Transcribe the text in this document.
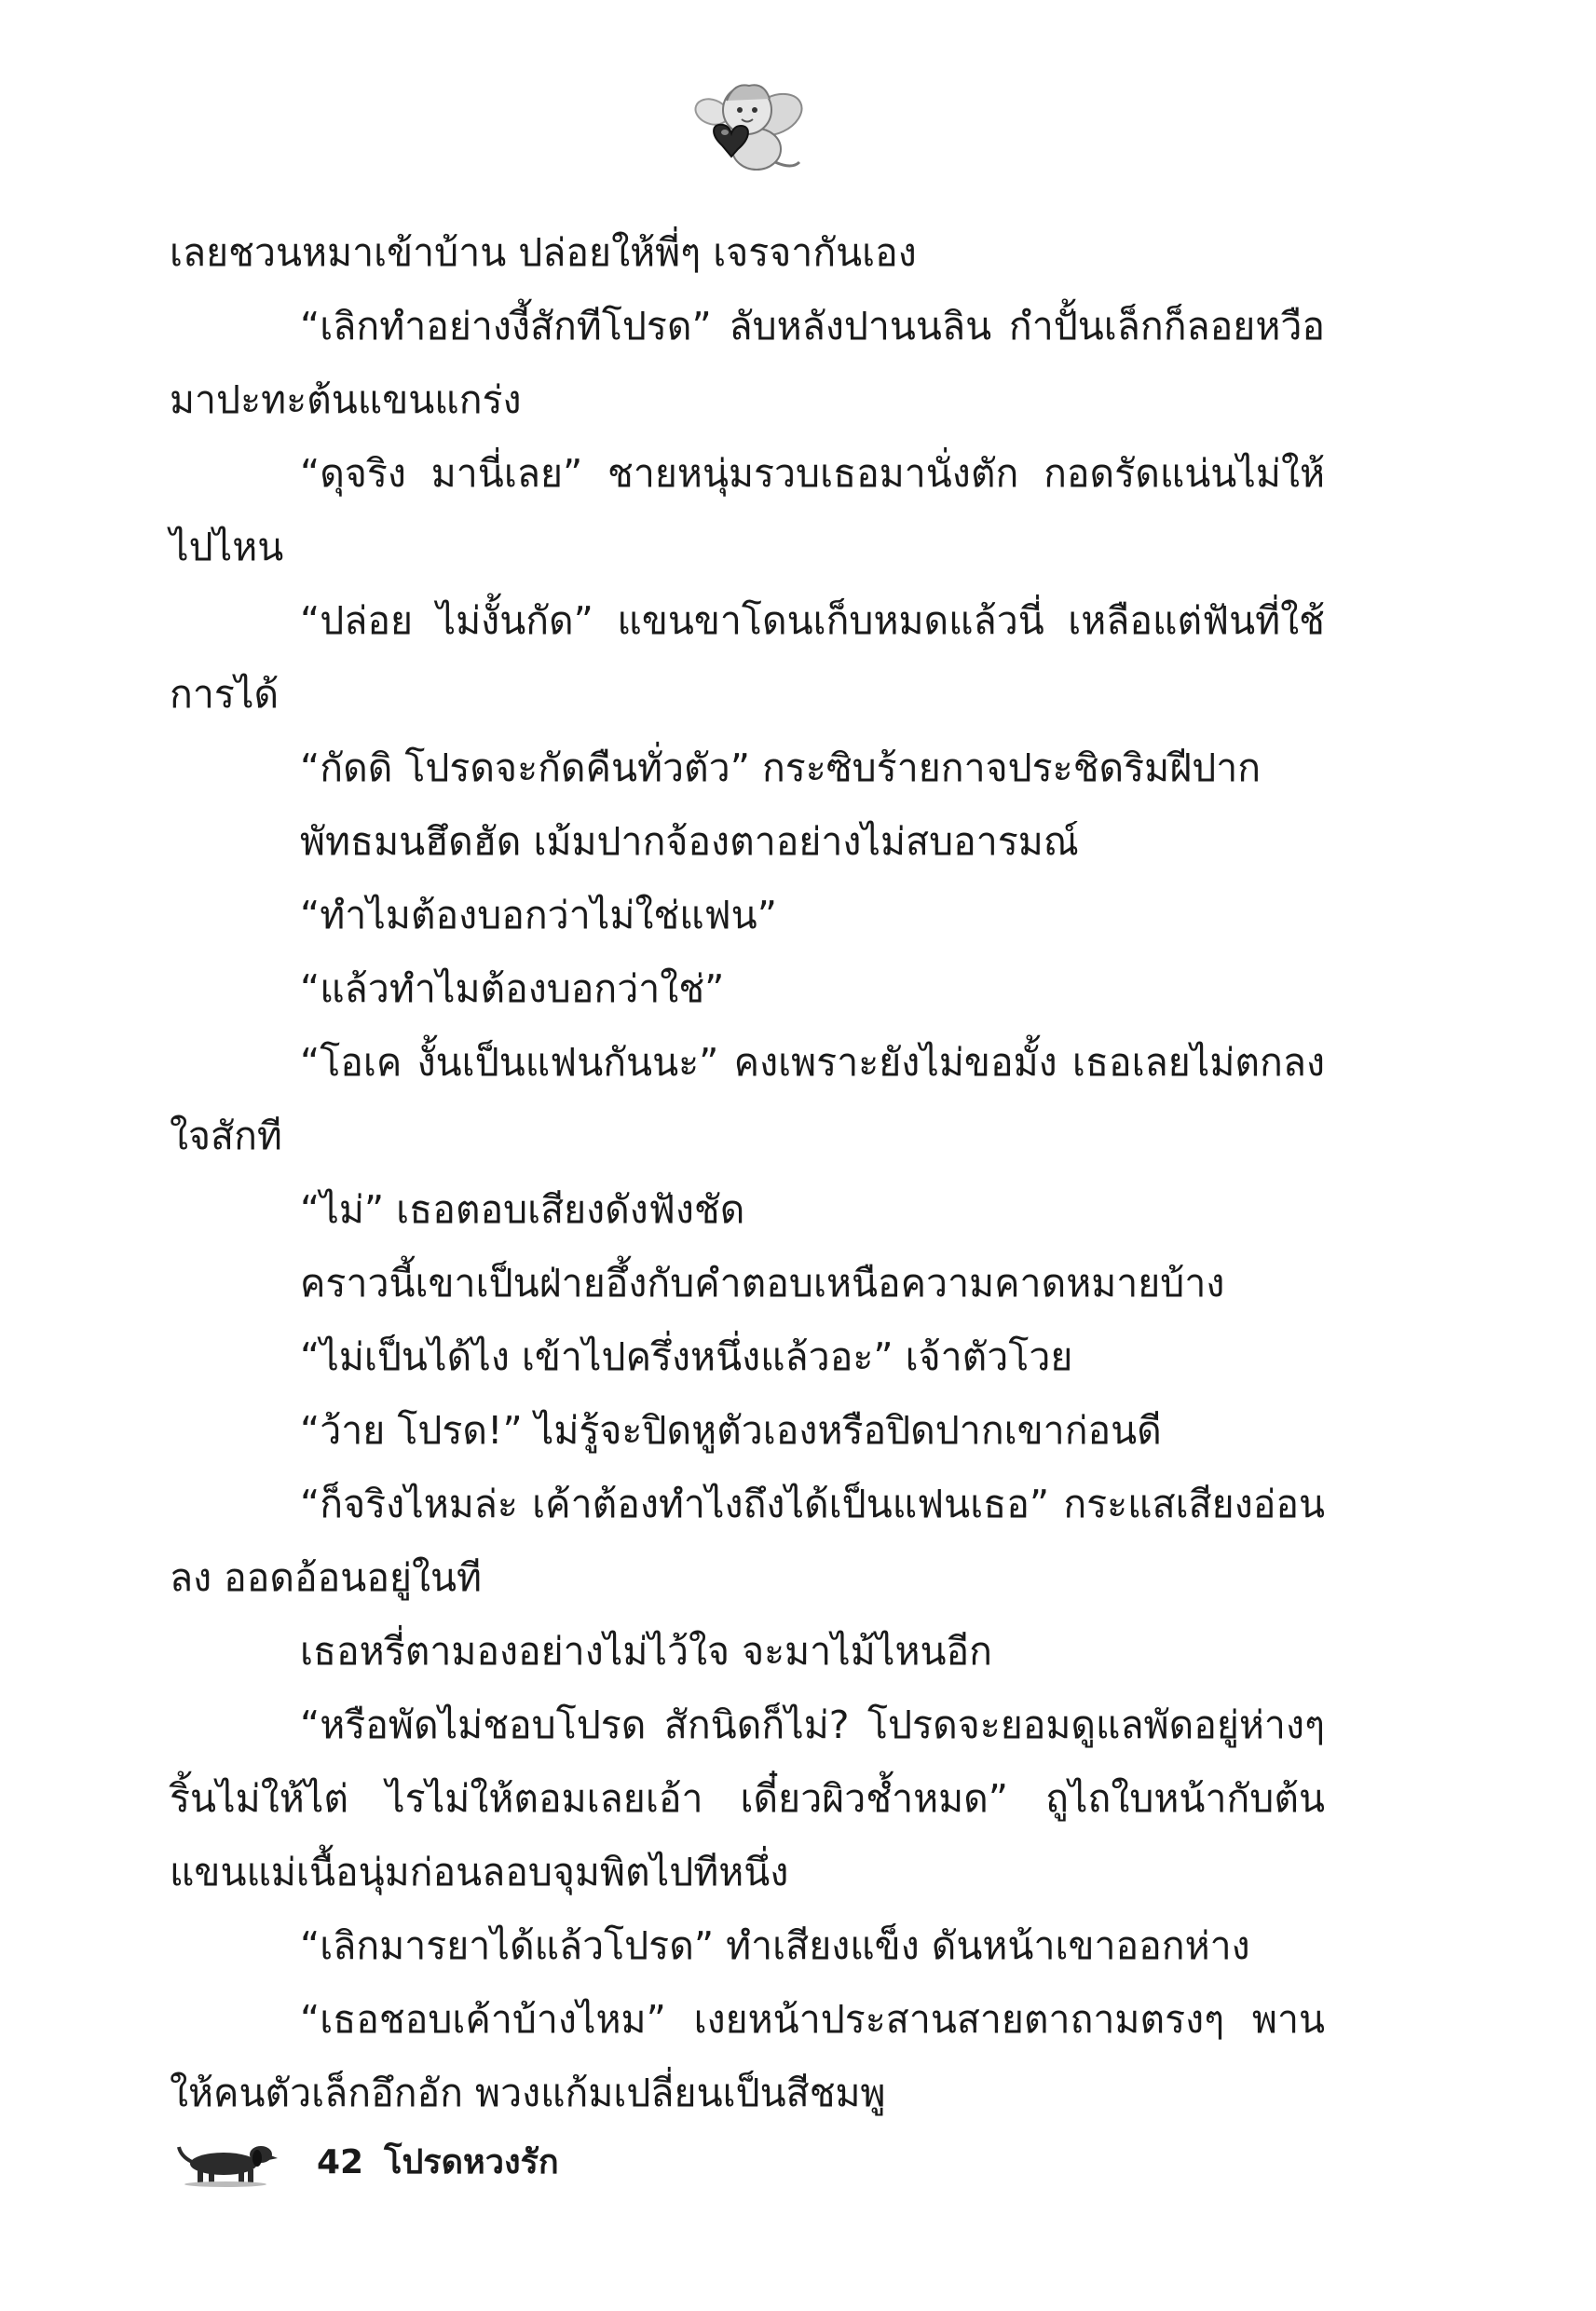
เลยชวนหมาเข้าบ้าน ปล่อยให้พี่ๆ เจรจากันเอง

“เลิกทำอย่างงี้สักทีโปรด” ลับหลังปานนลิน กำปั้นเล็กก็ลอยหวือมาปะทะต้นแขนแกร่ง

“ดุจริง มานี่เลย” ชายหนุ่มรวบเธอมานั่งตัก กอดรัดแน่นไม่ให้ไปไหน

“ปล่อย ไม่งั้นกัด” แขนขาโดนเก็บหมดแล้วนี่ เหลือแต่ฟันที่ใช้การได้

“กัดดิ โปรดจะกัดคืนทั่วตัว” กระซิบร้ายกาจประชิดริมฝีปาก

พัทธมนฮึดฮัด เม้มปากจ้องตาอย่างไม่สบอารมณ์

“ทำไมต้องบอกว่าไม่ใช่แฟน”

“แล้วทำไมต้องบอกว่าใช่”

“โอเค งั้นเป็นแฟนกันนะ” คงเพราะยังไม่ขอมั้ง เธอเลยไม่ตกลงใจสักที

“ไม่” เธอตอบเสียงดังฟังชัด

คราวนี้เขาเป็นฝ่ายอึ้งกับคำตอบเหนือความคาดหมายบ้าง

“ไม่เป็นได้ไง เข้าไปครึ่งหนึ่งแล้วอะ” เจ้าตัวโวย

“ว้าย โปรด!” ไม่รู้จะปิดหูตัวเองหรือปิดปากเขาก่อนดี

“ก็จริงไหมล่ะ เค้าต้องทำไงถึงได้เป็นแฟนเธอ” กระแสเสียงอ่อนลง ออดอ้อนอยู่ในที

เธอหรี่ตามองอย่างไม่ไว้ใจ จะมาไม้ไหนอีก

“หรือพัดไม่ชอบโปรด สักนิดก็ไม่? โปรดจะยอมดูแลพัดอยู่ห่างๆ ริ้นไม่ให้ไต่ ไรไม่ให้ตอมเลยเอ้า เดี๋ยวผิวช้ำหมด” ถูไถใบหน้ากับต้นแขนแม่เนื้อนุ่มก่อนลอบจุมพิตไปทีหนึ่ง

“เลิกมารยาได้แล้วโปรด” ทำเสียงแข็ง ดันหน้าเขาออกห่าง

“เธอชอบเค้าบ้างไหม” เงยหน้าประสานสายตาถามตรงๆ พานให้คนตัวเล็กอึกอัก พวงแก้มเปลี่ยนเป็นสีชมพู

42 โปรดหวงรัก
